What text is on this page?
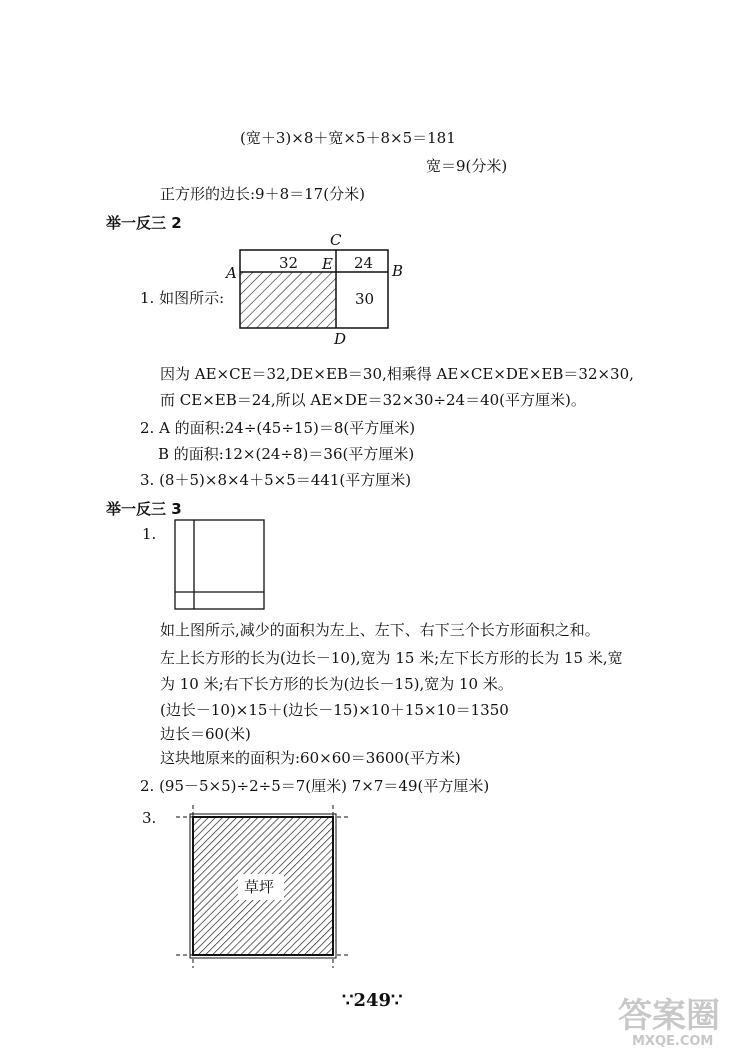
(宽＋3)×8＋宽×5＋8×5＝181
宽＝9(分米)
正方形的边长:9＋8＝17(分米)
举一反三 2
1. 如图所示:
C
A	E	B
D
32	24
30
因为 AE×CE＝32,DE×EB＝30,相乘得 AE×CE×DE×EB＝32×30,
而 CE×EB＝24,所以 AE×DE＝32×30÷24＝40(平方厘米)。
2. A 的面积:24÷(45÷15)＝8(平方厘米)
B 的面积:12×(24÷8)＝36(平方厘米)
3. (8＋5)×8×4＋5×5＝441(平方厘米)
举一反三 3
1.
如上图所示,减少的面积为左上、左下、右下三个长方形面积之和。
左上长方形的长为(边长－10),宽为 15 米;左下长方形的长为 15 米,宽
为 10 米;右下长方形的长为(边长－15),宽为 10 米。
(边长－10)×15＋(边长－15)×10＋15×10＝1350
边长＝60(米)
这块地原来的面积为:60×60＝3600(平方米)
2. (95－5×5)÷2÷5＝7(厘米) 7×7＝49(平方厘米)
3.
草坪
∵249∵	答案圈
MXQE.COM
